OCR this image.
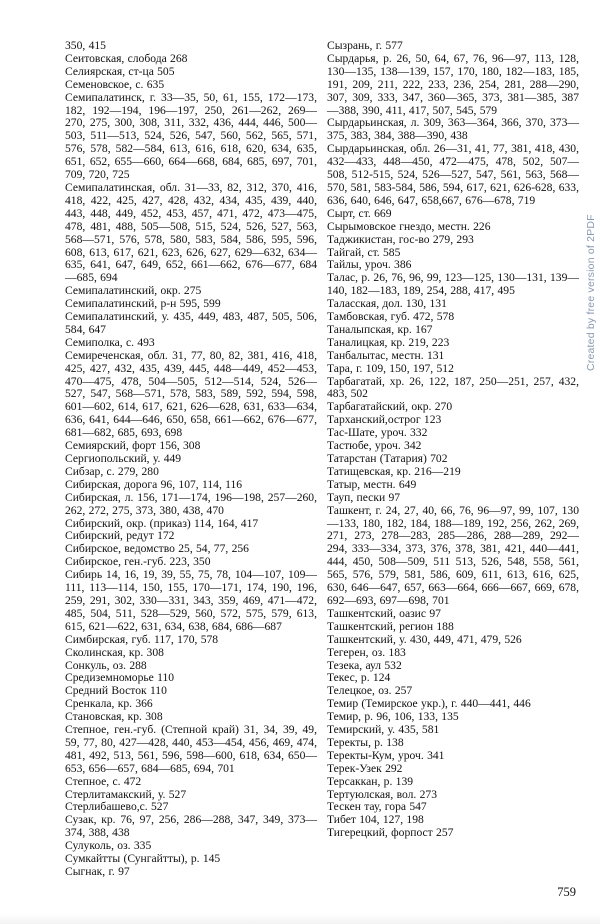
350, 415

Сеитовская, слобода 268

Селиярская, ст-ца 505

Семеновское, с. 635

Семипалатинск, г. 33—35, 50, 61, 155, 172—173, 182, 192—194, 196—197, 250, 261—262, 269—270, 275, 300, 308, 311, 332, 436, 444, 446, 500—503, 511—513, 524, 526, 547, 560, 562, 565, 571, 576, 578, 582—584, 613, 616, 618, 620, 634, 635, 651, 652, 655—660, 664—668, 684, 685, 697, 701, 709, 720, 725

Семипалатинская, обл. 31—33, 82, 312, 370, 416, 418, 422, 425, 427, 428, 432, 434, 435, 439, 440, 443, 448, 449, 452, 453, 457, 471, 472, 473—475, 478, 481, 488, 505—508, 515, 524, 526, 527, 563, 568—571, 576, 578, 580, 583, 584, 586, 595, 596, 608, 613, 617, 621, 623, 626, 627, 629—632, 634—635, 641, 647, 649, 652, 661—662, 676—677, 684—685, 694

Семипалатинский, окр. 275

Семипалатинский, р-н 595, 599

Семипалатинский, у. 435, 449, 483, 487, 505, 506, 584, 647

Семиполка, с. 493

Семиреченская, обл. 31, 77, 80, 82, 381, 416, 418, 425, 427, 432, 435, 439, 445, 448—449, 452—453, 470—475, 478, 504—505, 512—514, 524, 526—527, 547, 568—571, 578, 583, 589, 592, 594, 598, 601—602, 614, 617, 621, 626—628, 631, 633—634, 636, 641, 644—646, 650, 658, 661—662, 676—677, 681—682, 685, 693, 698

Семиярский, форт 156, 308

Сергиопольский, у. 449

Сибзар, с. 279, 280

Сибирская, дорога 96, 107, 114, 116

Сибирская, л. 156, 171—174, 196—198, 257—260, 262, 272, 275, 373, 380, 438, 470

Сибирский, окр. (приказ) 114, 164, 417

Сибирский, редут 172

Сибирское, ведомство 25, 54, 77, 256

Сибирское, ген.-губ. 223, 350

Сибирь 14, 16, 19, 39, 55, 75, 78, 104—107, 109—111, 113—114, 150, 155, 170—171, 174, 190, 196, 259, 291, 302, 330—331, 343, 359, 469, 471—472, 485, 504, 511, 528—529, 560, 572, 575, 579, 613, 615, 621—622, 631, 634, 638, 684, 686—687

Симбирская, губ. 117, 170, 578

Сколинская, кр. 308

Сонкуль, оз. 288

Средиземноморье 110

Средний Восток 110

Сренкала, кр. 366

Становская, кр. 308

Степное, ген.-губ. (Степной край) 31, 34, 39, 49, 59, 77, 80, 427—428, 440, 453—454, 456, 469, 474, 481, 492, 513, 561, 596, 598—600, 618, 634, 650—653, 656—657, 684—685, 694, 701

Степное, с. 472

Стерлитамакский, у. 527

Стерлибашево,с. 527

Сузак, кр. 76, 97, 256, 286—288, 347, 349, 373—374, 388, 438

Сулуколь, оз. 335

Сумкайтты (Сунгайтты), р. 145

Сыгнак, г. 97

Сызрань, г. 577

Сырдарья, р. 26, 50, 64, 67, 76, 96—97, 113, 128, 130—135, 138—139, 157, 170, 180, 182—183, 185, 191, 209, 211, 222, 233, 236, 254, 281, 288—290, 307, 309, 333, 347, 360—365, 373, 381—385, 387—388, 390, 411, 417, 507, 545, 579

Сырдарьинская, л. 309, 363—364, 366, 370, 373—375, 383, 384, 388—390, 438

Сырдарьинская, обл. 26—31, 41, 77, 381, 418, 430, 432—433, 448—450, 472—475, 478, 502, 507—508, 512-515, 524, 526—527, 547, 561, 563, 568—570, 581, 583-584, 586, 594, 617, 621, 626-628, 633, 636, 640, 646, 647, 658,667, 676—678, 719

Сырт, ст. 669

Сырымовское гнездо, местн. 226

Таджикистан, гос-во 279, 293

Тайгай, ст. 585

Тайлы, уроч. 386

Талас, р. 26, 76, 96, 99, 123—125, 130—131, 139—140, 182—183, 189, 254, 288, 417, 495

Таласская, дол. 130, 131

Тамбовская, губ. 472, 578

Таналыпская, кр. 167

Таналицкая, кр. 219, 223

Танбалытас, местн. 131

Тара, г. 109, 150, 197, 512

Тарбагатай, хр. 26, 122, 187, 250—251, 257, 432, 483, 502

Тарбагатайский, окр. 270

Тарханский,острог 123

Тас-Шате, уроч. 332

Тастюбе, уроч. 342

Татарстан (Татария) 702

Татищевская, кр. 216—219

Татыр, местн. 649

Тауп, пески 97

Ташкент, г. 24, 27, 40, 66, 76, 96—97, 99, 107, 130—133, 180, 182, 184, 188—189, 192, 256, 262, 269, 271, 273, 278—283, 285—286, 288—289, 292—294, 333—334, 373, 376, 378, 381, 421, 440—441, 444, 450, 508—509, 511 513, 526, 548, 558, 561, 565, 576, 579, 581, 586, 609, 611, 613, 616, 625, 630, 646—647, 657, 663—664, 666—667, 669, 678, 692—693, 697—698, 701

Ташкентский, оазис 97

Ташкентский, регион 188

Ташкентский, у. 430, 449, 471, 479, 526

Тегерен, оз. 183

Тезека, аул 532

Текес, р. 124

Телецкое, оз. 257

Темир (Темирское укр.), г. 440—441, 446

Темир, р. 96, 106, 133, 135

Темирский, у. 435, 581

Теректы, р. 138

Теректы-Кум, уроч. 341

Терек-Узек 292

Терсаккан, р. 139

Тертуюлская, вол. 273

Тескен тау, гора 547

Тибет 104, 127, 198

Тигерецкий, форпост 257

Created by free version of 2PDF
759
